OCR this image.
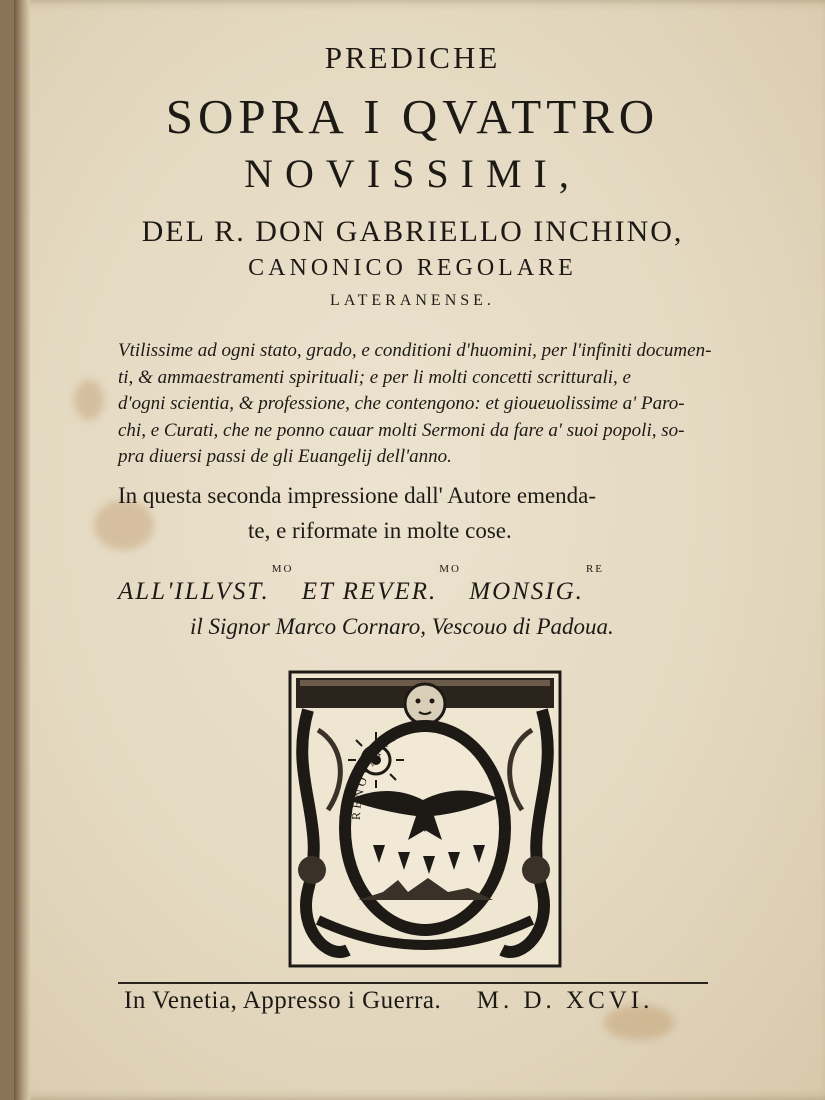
PREDICHE
SOPRA I QVATTRO
NOVISSIMI,
DEL R. DON GABRIELLO INCHINO,
CANONICO REGOLARE
LATERANENSE.
Vtilissime ad ogni stato, grado, e conditioni d'huomini, per l'infiniti documen-
ti, & ammaestramenti spirituali; e per li molti concetti scritturali, e
d'ogni scientia, & professione, che contengono: et gioueuolissime a' Paro-
chi, e Curati, che ne ponno cauar molti Sermoni da fare a' suoi popoli, so-
pra diuersi passi de gli Euangelij dell'anno.
In questa seconda impressione dall' Autore emenda-
te, e riformate in molte cose.
ALL'ILLVST.$^{MO}$ ET REVER.$^{MO}$ MONSIG.$^{RE}$
il Signor Marco Cornaro, Vescouo di Padoua.
RENOVATVR
In Venetia, Appresso i Guerra. M. D. XCVI.
